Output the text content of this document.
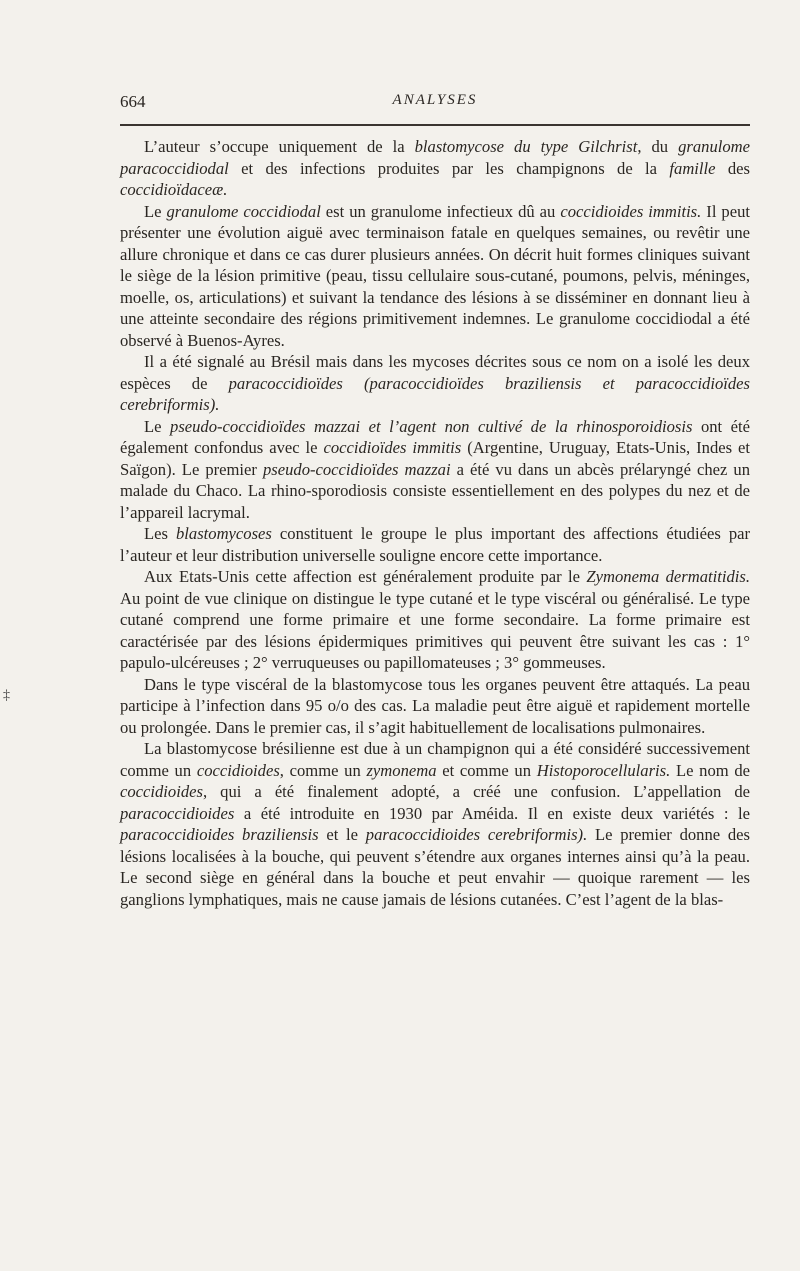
664	ANALYSES
‡

L’auteur s’occupe uniquement de la blastomycose du type Gilchrist, du granulome paracoccidiodal et des infections produites par les champignons de la famille des coccidioïdaceæ.

Le granulome coccidiodal est un granulome infectieux dû au coccidioides immitis. Il peut présenter une évolution aiguë avec terminaison fatale en quelques semaines, ou revêtir une allure chronique et dans ce cas durer plusieurs années. On décrit huit formes cliniques suivant le siège de la lésion primitive (peau, tissu cellulaire sous-cutané, poumons, pelvis, méninges, moelle, os, articulations) et suivant la tendance des lésions à se disséminer en donnant lieu à une atteinte secondaire des régions primitivement indemnes. Le granulome coccidiodal a été observé à Buenos-Ayres.

Il a été signalé au Brésil mais dans les mycoses décrites sous ce nom on a isolé les deux espèces de paracoccidioïdes (paracoccidioïdes braziliensis et paracoccidioïdes cerebriformis).

Le pseudo-coccidioïdes mazzai et l’agent non cultivé de la rhinosporoidiosis ont été également confondus avec le coccidioïdes immitis (Argentine, Uruguay, Etats-Unis, Indes et Saïgon). Le premier pseudo-coccidioïdes mazzai a été vu dans un abcès prélaryngé chez un malade du Chaco. La rhino-sporodiosis consiste essentiellement en des polypes du nez et de l’appareil lacrymal.

Les blastomycoses constituent le groupe le plus important des affections étudiées par l’auteur et leur distribution universelle souligne encore cette importance.

Aux Etats-Unis cette affection est généralement produite par le Zymonema dermatitidis. Au point de vue clinique on distingue le type cutané et le type viscéral ou généralisé. Le type cutané comprend une forme primaire et une forme secondaire. La forme primaire est caractérisée par des lésions épidermiques primitives qui peuvent être suivant les cas : 1° papulo-ulcéreuses ; 2° verruqueuses ou papillomateuses ; 3° gommeuses.

Dans le type viscéral de la blastomycose tous les organes peuvent être attaqués. La peau participe à l’infection dans 95 o/o des cas. La maladie peut être aiguë et rapidement mortelle ou prolongée. Dans le premier cas, il s’agit habituellement de localisations pulmonaires.

La blastomycose brésilienne est due à un champignon qui a été considéré successivement comme un coccidioides, comme un zymonema et comme un Histoporocellularis. Le nom de coccidioides, qui a été finalement adopté, a créé une confusion. L’appellation de paracoccidioides a été introduite en 1930 par Améida. Il en existe deux variétés : le paracoccidioides braziliensis et le paracoccidioides cerebriformis). Le premier donne des lésions localisées à la bouche, qui peuvent s’étendre aux organes internes ainsi qu’à la peau. Le second siège en général dans la bouche et peut envahir — quoique rarement — les ganglions lymphatiques, mais ne cause jamais de lésions cutanées. C’est l’agent de la blas-
